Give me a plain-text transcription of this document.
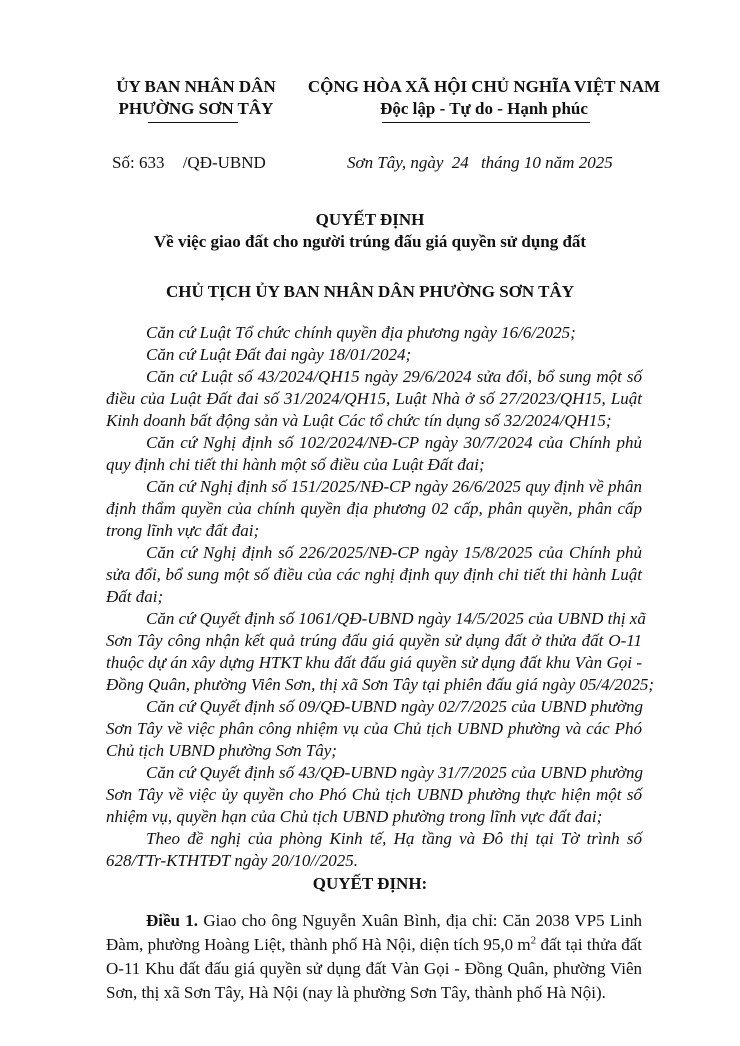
ỦY BAN NHÂN DÂN
PHƯỜNG SƠN TÂY
CỘNG HÒA XÃ HỘI CHỦ NGHĨA VIỆT NAM
Độc lập - Tự do - Hạnh phúc
Số: 633 /QĐ-UBND	Sơn Tây, ngày 24 tháng 10 năm 2025
QUYẾT ĐỊNH
Về việc giao đất cho người trúng đấu giá quyền sử dụng đất
CHỦ TỊCH ỦY BAN NHÂN DÂN PHƯỜNG SƠN TÂY
Căn cứ Luật Tổ chức chính quyền địa phương ngày 16/6/2025;
Căn cứ Luật Đất đai ngày 18/01/2024;
Căn cứ Luật số 43/2024/QH15 ngày 29/6/2024 sửa đổi, bổ sung một số
điều của Luật Đất đai số 31/2024/QH15, Luật Nhà ở số 27/2023/QH15, Luật
Kinh doanh bất động sản và Luật Các tổ chức tín dụng số 32/2024/QH15;
Căn cứ Nghị định số 102/2024/NĐ-CP ngày 30/7/2024 của Chính phủ
quy định chi tiết thi hành một số điều của Luật Đất đai;
Căn cứ Nghị định số 151/2025/NĐ-CP ngày 26/6/2025 quy định về phân
định thẩm quyền của chính quyền địa phương 02 cấp, phân quyền, phân cấp
trong lĩnh vực đất đai;
Căn cứ Nghị định số 226/2025/NĐ-CP ngày 15/8/2025 của Chính phủ
sửa đổi, bổ sung một số điều của các nghị định quy định chi tiết thi hành Luật
Đất đai;
Căn cứ Quyết định số 1061/QĐ-UBND ngày 14/5/2025 của UBND thị xã
Sơn Tây công nhận kết quả trúng đấu giá quyền sử dụng đất ở thửa đất O-11
thuộc dự án xây dựng HTKT khu đất đấu giá quyền sử dụng đất khu Vàn Gọi -
Đồng Quân, phường Viên Sơn, thị xã Sơn Tây tại phiên đấu giá ngày 05/4/2025;
Căn cứ Quyết định số 09/QĐ-UBND ngày 02/7/2025 của UBND phường
Sơn Tây về việc phân công nhiệm vụ của Chủ tịch UBND phường và các Phó
Chủ tịch UBND phường Sơn Tây;
Căn cứ Quyết định số 43/QĐ-UBND ngày 31/7/2025 của UBND phường
Sơn Tây về việc ủy quyền cho Phó Chủ tịch UBND phường thực hiện một số
nhiệm vụ, quyền hạn của Chủ tịch UBND phường trong lĩnh vực đất đai;
Theo đề nghị của phòng Kinh tế, Hạ tầng và Đô thị tại Tờ trình số
628/TTr-KTHTĐT ngày 20/10//2025.
QUYẾT ĐỊNH:
Điều 1. Giao cho ông Nguyễn Xuân Bình, địa chỉ: Căn 2038 VP5 Linh
Đàm, phường Hoàng Liệt, thành phố Hà Nội, diện tích 95,0 $m^2$ đất tại thửa đất
O-11 Khu đất đấu giá quyền sử dụng đất Vàn Gọi - Đồng Quân, phường Viên
Sơn, thị xã Sơn Tây, Hà Nội (nay là phường Sơn Tây, thành phố Hà Nội).
